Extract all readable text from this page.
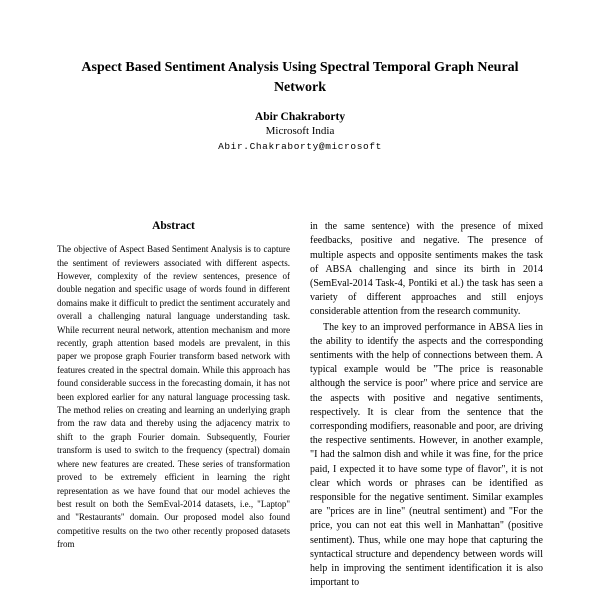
Aspect Based Sentiment Analysis Using Spectral Temporal Graph Neural Network
Abir Chakraborty
Microsoft India
Abir.Chakraborty@microsoft
Abstract

The objective of Aspect Based Sentiment Analysis is to capture the sentiment of reviewers associated with different aspects. However, complexity of the review sentences, presence of double negation and specific usage of words found in different domains make it difficult to predict the sentiment accurately and overall a challenging natural language understanding task. While recurrent neural network, attention mechanism and more recently, graph attention based models are prevalent, in this paper we propose graph Fourier transform based network with features created in the spectral domain. While this approach has found considerable success in the forecasting domain, it has not been explored earlier for any natural language processing task. The method relies on creating and learning an underlying graph from the raw data and thereby using the adjacency matrix to shift to the graph Fourier domain. Subsequently, Fourier transform is used to switch to the frequency (spectral) domain where new features are created. These series of transformation proved to be extremely efficient in learning the right representation as we have found that our model achieves the best result on both the SemEval-2014 datasets, i.e., "Laptop" and "Restaurants" domain. Our proposed model also found competitive results on the two other recently proposed datasets from

in the same sentence) with the presence of mixed feedbacks, positive and negative. The presence of multiple aspects and opposite sentiments makes the task of ABSA challenging and since its birth in 2014 (SemEval-2014 Task-4, Pontiki et al.) the task has seen a variety of different approaches and still enjoys considerable attention from the research community.

The key to an improved performance in ABSA lies in the ability to identify the aspects and the corresponding sentiments with the help of connections between them. A typical example would be "The price is reasonable although the service is poor" where price and service are the aspects with positive and negative sentiments, respectively. It is clear from the sentence that the corresponding modifiers, reasonable and poor, are driving the respective sentiments. However, in another example, "I had the salmon dish and while it was fine, for the price paid, I expected it to have some type of flavor", it is not clear which words or phrases can be identified as responsible for the negative sentiment. Similar examples are "prices are in line" (neutral sentiment) and "For the price, you can not eat this well in Manhattan" (positive sentiment). Thus, while one may hope that capturing the syntactical structure and dependency between words will help in improving the sentiment identification it is also important to
